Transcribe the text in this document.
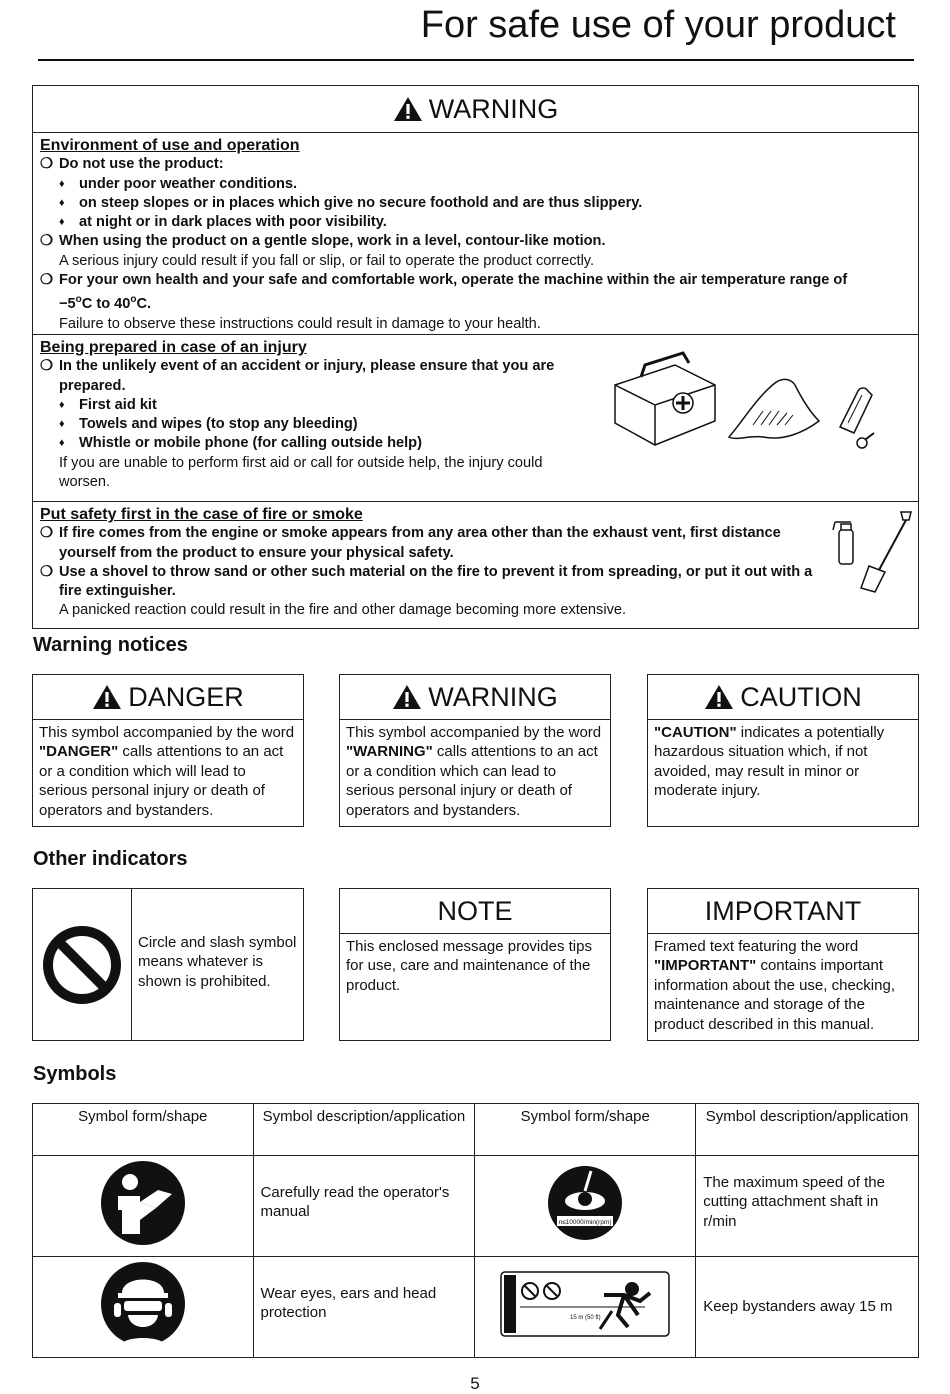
For safe use of your product
WARNING
Environment of use and operation
❍ Do not use the product:
♦ under poor weather conditions.
♦ on steep slopes or in places which give no secure foothold and are thus slippery.
♦ at night or in dark places with poor visibility.
❍ When using the product on a gentle slope, work in a level, contour-like motion.
A serious injury could result if you fall or slip, or fail to operate the product correctly.
❍ For your own health and your safe and comfortable work, operate the machine within the air temperature range of
$-5^oC$ to 40$^o$C.
Failure to observe these instructions could result in damage to your health.
Being prepared in case of an injury
❍ In the unlikely event of an accident or injury, please ensure that you are prepared.
♦ First aid kit
♦ Towels and wipes (to stop any bleeding)
♦ Whistle or mobile phone (for calling outside help)
If you are unable to perform first aid or call for outside help, the injury could worsen.
Put safety first in the case of fire or smoke
❍ If fire comes from the engine or smoke appears from any area other than the exhaust vent, first distance yourself from the product to ensure your physical safety.
❍ Use a shovel to throw sand or other such material on the fire to prevent it from spreading, or put it out with a fire extinguisher.
A panicked reaction could result in the fire and other damage becoming more extensive.
Warning notices
DANGER
This symbol accompanied by the word "DANGER" calls attentions to an act or a condition which will lead to serious personal injury or death of operators and bystanders.
WARNING
This symbol accompanied by the word "WARNING" calls attentions to an act or a condition which can lead to serious personal injury or death of operators and bystanders.
CAUTION
"CAUTION" indicates a potentially hazardous situation which, if not avoided, may result in minor or moderate injury.
Other indicators
Circle and slash symbol means whatever is shown is prohibited.
NOTE
This enclosed message provides tips for use, care and maintenance of the product.
IMPORTANT
Framed text featuring the word "IMPORTANT" contains important information about the use, checking, maintenance and storage of the product described in this manual.
Symbols
Symbol form/shape	Symbol description/application	Symbol form/shape	Symbol description/application
	Carefully read the operator's manual	n≤10000/min(rpm)	The maximum speed of the cutting attachment shaft in r/min
	Wear eyes, ears and head protection	15 m (50 ft)	Keep bystanders away 15 m
5
